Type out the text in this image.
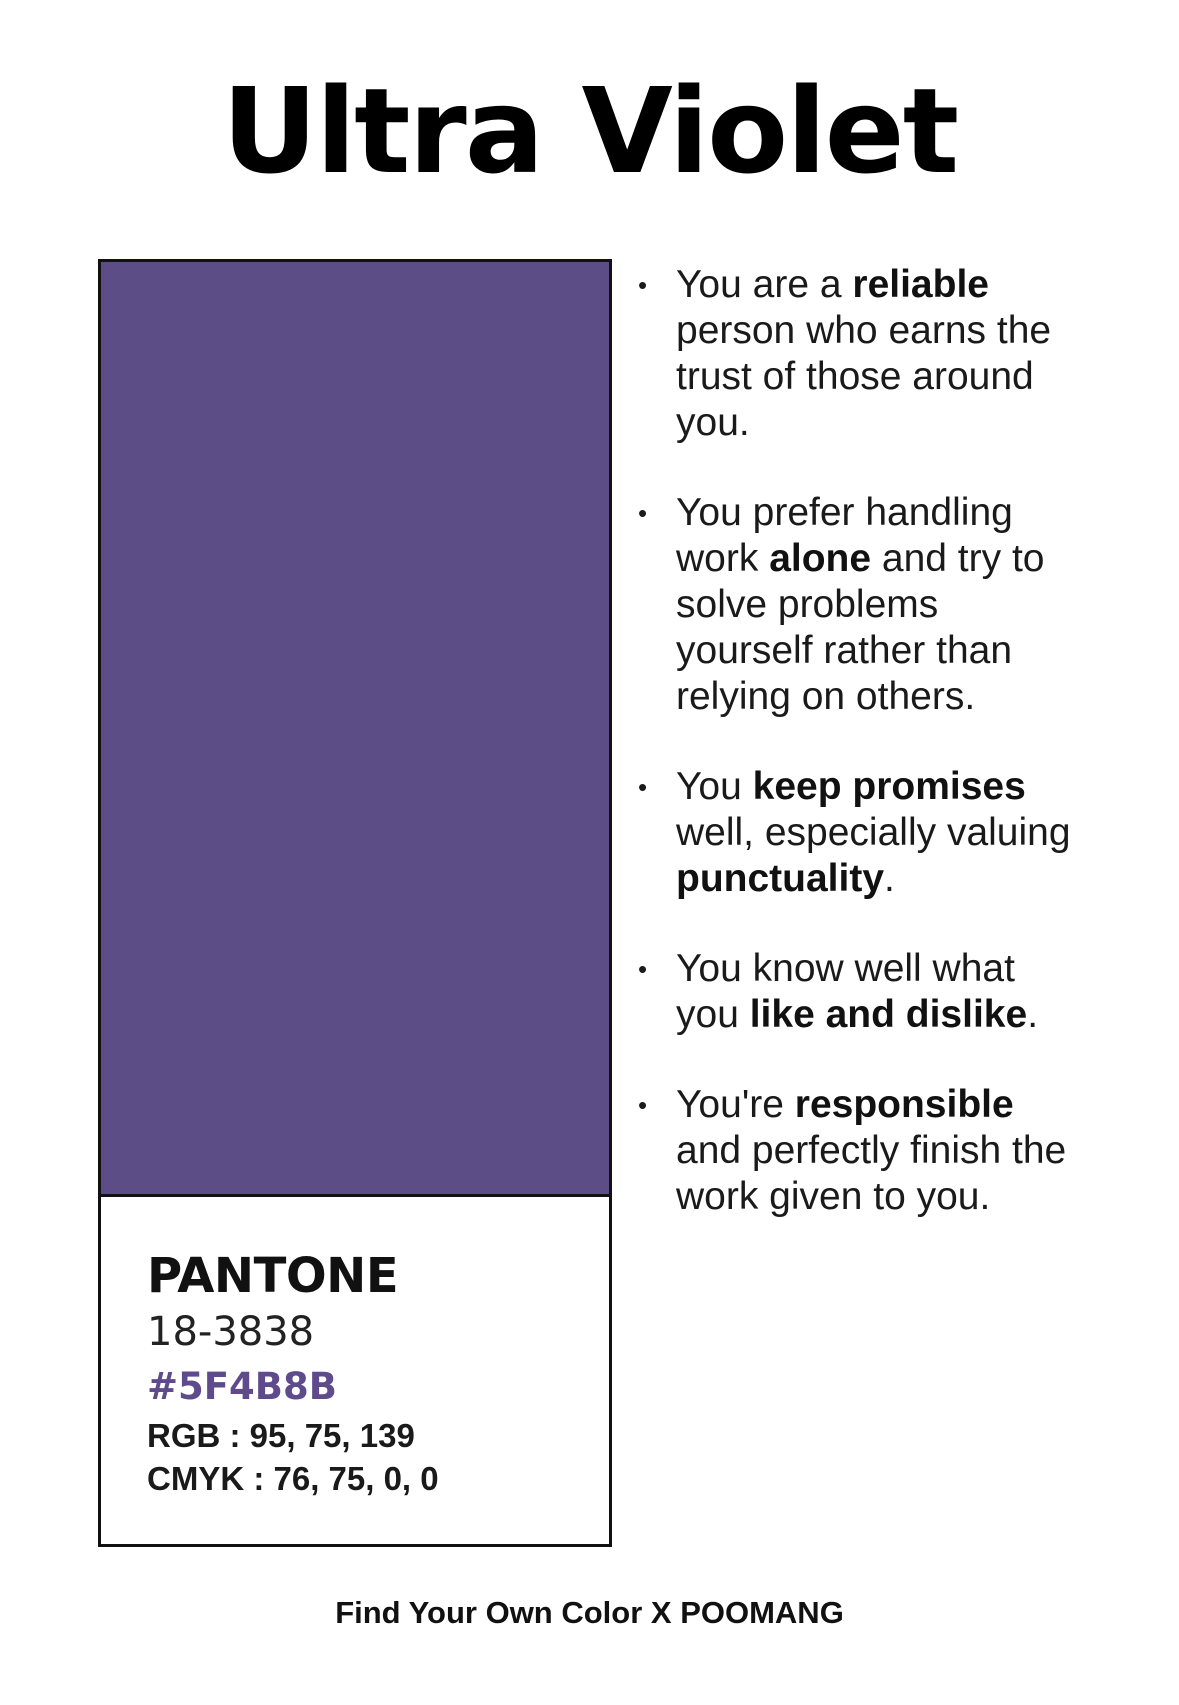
Ultra Violet
PANTONE
18-3838
#5F4B8B
RGB : 95, 75, 139
CMYK : 76, 75, 0, 0
• You are a reliable person who earns the trust of those around you.
• You prefer handling work alone and try to solve problems yourself rather than relying on others.
• You keep promises well, especially valuing punctuality.
• You know well what you like and dislike.
• You're responsible and perfectly finish the work given to you.
Find Your Own Color X POOMANG
